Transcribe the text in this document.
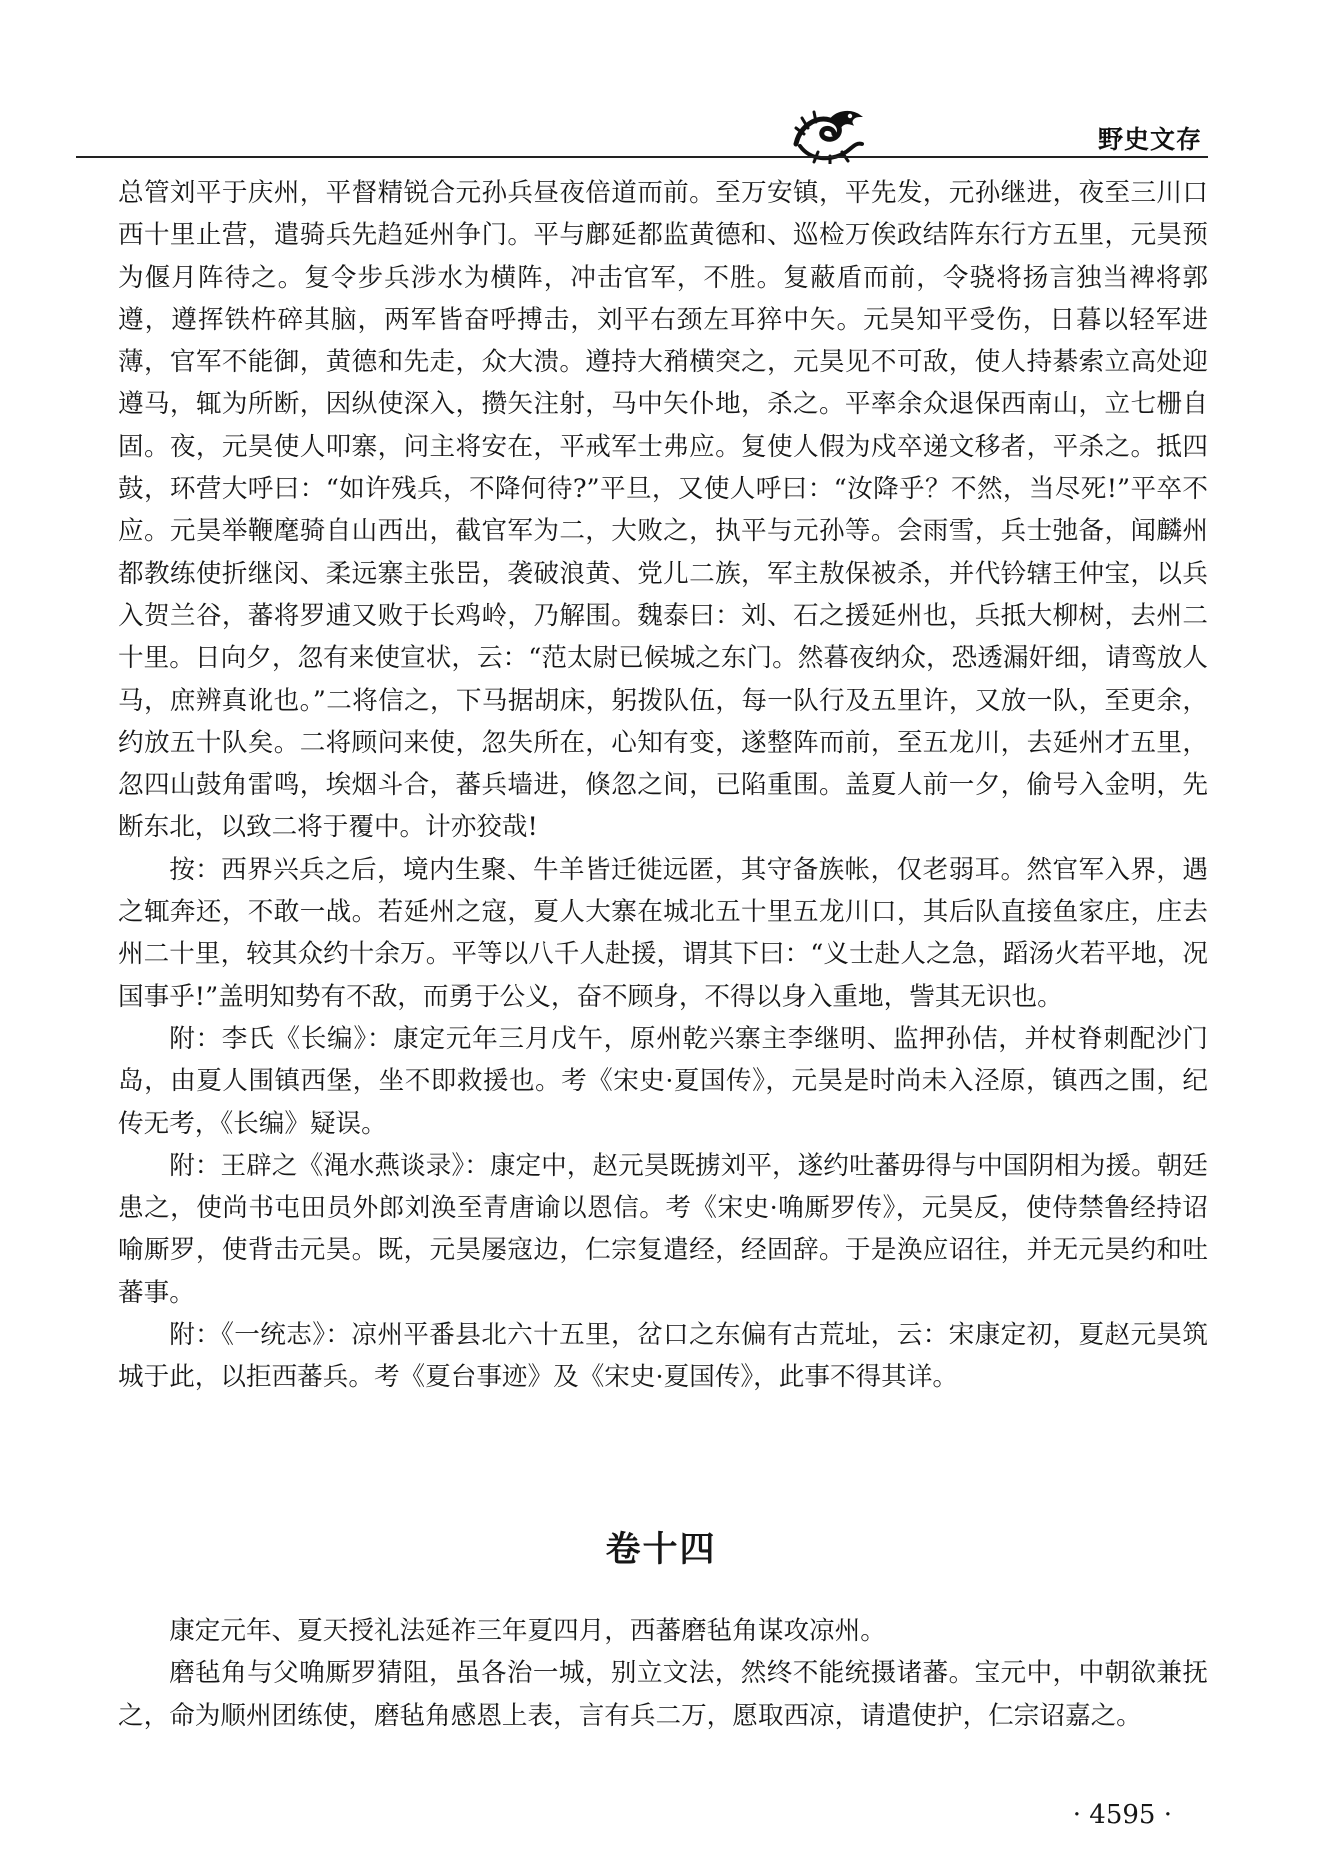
野史文存

总管刘平于庆州，平督精锐合元孙兵昼夜倍道而前。至万安镇，平先发，元孙继进，夜至三川口西十里止营，遣骑兵先趋延州争门。平与鄜延都监黄德和、巡检万俟政结阵东行方五里，元昊预为偃月阵待之。复令步兵涉水为横阵，冲击官军，不胜。复蔽盾而前，令骁将扬言独当裨将郭遵，遵挥铁杵碎其脑，两军皆奋呼搏击，刘平右颈左耳猝中矢。元昊知平受伤，日暮以轻军进薄，官军不能御，黄德和先走，众大溃。遵持大矟横突之，元昊见不可敌，使人持綦索立高处迎遵马，辄为所断，因纵使深入，攒矢注射，马中矢仆地，杀之。平率余众退保西南山，立七栅自固。夜，元昊使人叩寨，问主将安在，平戒军士弗应。复使人假为戍卒递文移者，平杀之。抵四鼓，环营大呼曰：“如许残兵，不降何待?”平旦，又使人呼曰：“汝降乎？不然，当尽死!”平卒不应。元昊举鞭麾骑自山西出，截官军为二，大败之，执平与元孙等。会雨雪，兵士弛备，闻麟州都教练使折继闵、柔远寨主张岊，袭破浪黄、党儿二族，军主敖保被杀，并代钤辖王仲宝，以兵入贺兰谷，蕃将罗逋又败于长鸡岭，乃解围。魏泰曰：刘、石之援延州也，兵抵大柳树，去州二十里。日向夕，忽有来使宣状，云：“范太尉已候城之东门。然暮夜纳众，恐透漏奸细，请鸾放人马，庶辨真讹也。”二将信之，下马据胡床，躬拨队伍，每一队行及五里许，又放一队，至更余，约放五十队矣。二将顾问来使，忽失所在，心知有变，遂整阵而前，至五龙川，去延州才五里，忽四山鼓角雷鸣，埃烟斗合，蕃兵墙进，倏忽之间，已陷重围。盖夏人前一夕，偷号入金明，先断东北，以致二将于覆中。计亦狡哉!

按：西界兴兵之后，境内生聚、牛羊皆迁徙远匿，其守备族帐，仅老弱耳。然官军入界，遇之辄奔还，不敢一战。若延州之寇，夏人大寨在城北五十里五龙川口，其后队直接鱼家庄，庄去州二十里，较其众约十余万。平等以八千人赴援，谓其下曰：“义士赴人之急，蹈汤火若平地，况国事乎!”盖明知势有不敌，而勇于公义，奋不顾身，不得以身入重地，訾其无识也。

附：李氏《长编》：康定元年三月戊午，原州乾兴寨主李继明、监押孙佶，并杖脊刺配沙门岛，由夏人围镇西堡，坐不即救援也。考《宋史·夏国传》，元昊是时尚未入泾原，镇西之围，纪传无考，《长编》疑误。

附：王辟之《渑水燕谈录》：康定中，赵元昊既掳刘平，遂约吐蕃毋得与中国阴相为援。朝廷患之，使尚书屯田员外郎刘涣至青唐谕以恩信。考《宋史·唃厮罗传》，元昊反，使侍禁鲁经持诏喻厮罗，使背击元昊。既，元昊屡寇边，仁宗复遣经，经固辞。于是涣应诏往，并无元昊约和吐蕃事。

附：《一统志》：凉州平番县北六十五里，岔口之东偏有古荒址，云：宋康定初，夏赵元昊筑城于此，以拒西蕃兵。考《夏台事迹》及《宋史·夏国传》，此事不得其详。

卷十四

康定元年、夏天授礼法延祚三年夏四月，西蕃磨毡角谋攻凉州。

磨毡角与父唃厮罗猜阻，虽各治一城，别立文法，然终不能统摄诸蕃。宝元中，中朝欲兼抚之，命为顺州团练使，磨毡角感恩上表，言有兵二万，愿取西凉，请遣使护，仁宗诏嘉之。

· 4595 ·
